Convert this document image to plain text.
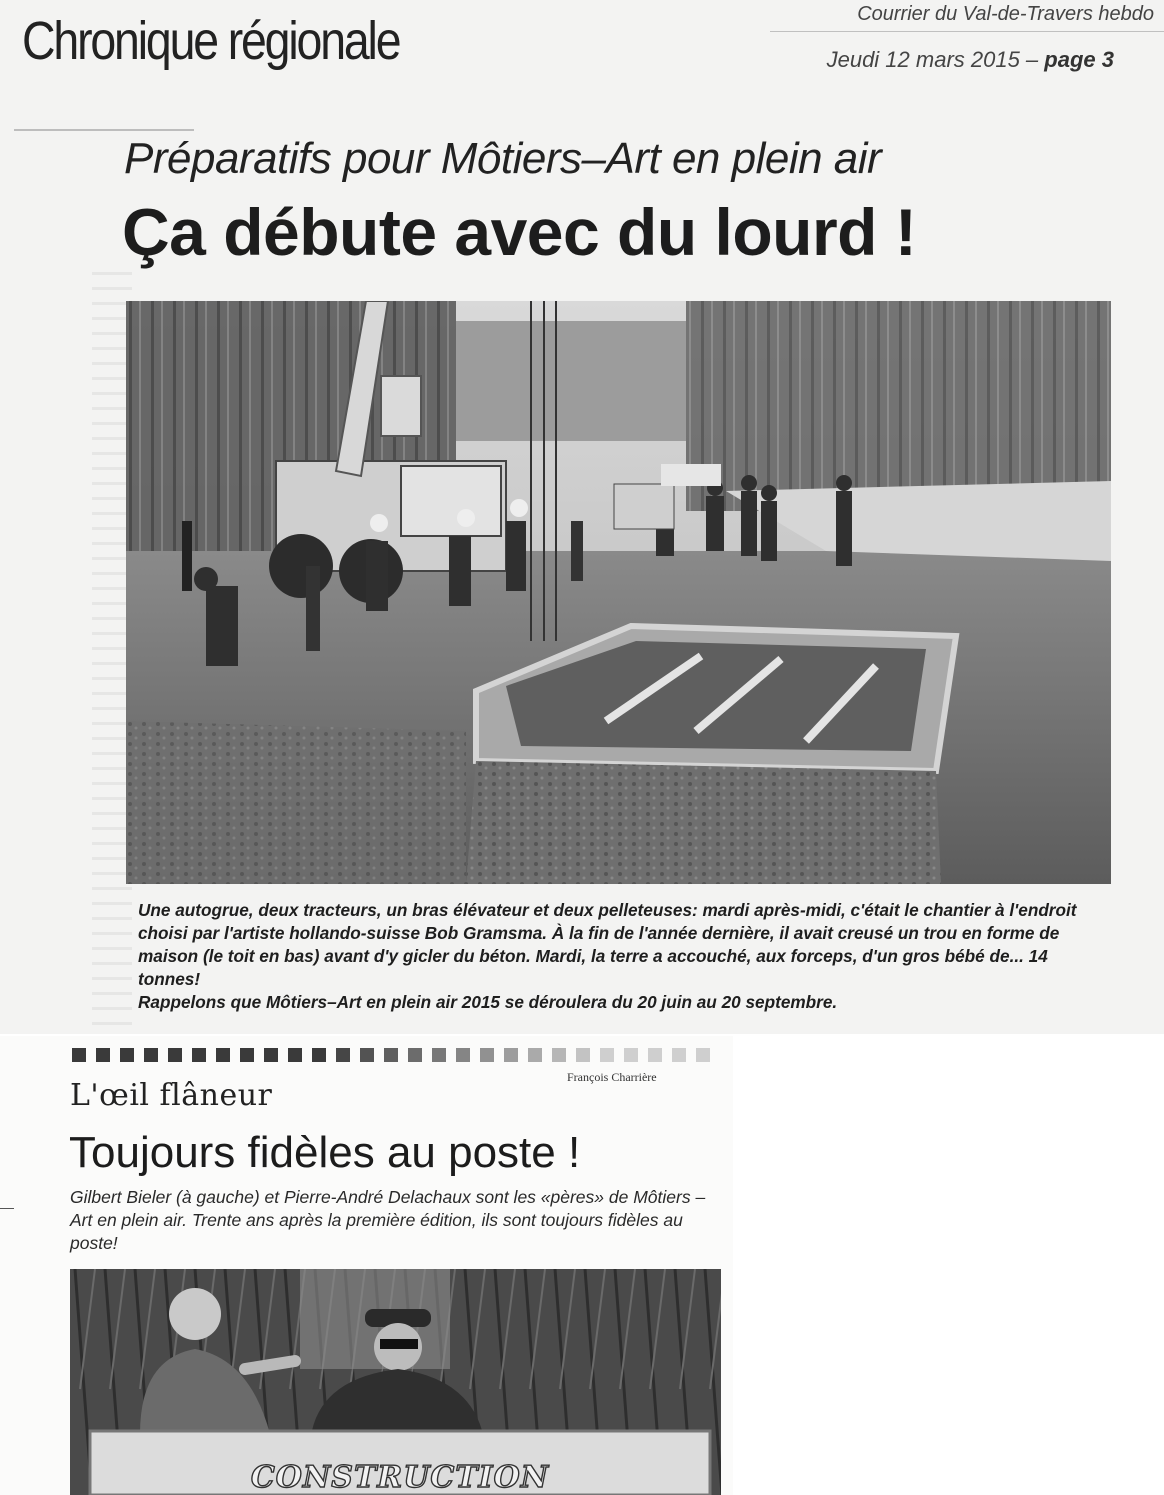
Chronique régionale	Courrier du Val-de-Travers hebdo
Jeudi 12 mars 2015 – page 3
Préparatifs pour Môtiers–Art en plein air
Ça débute avec du lourd !

Une autogrue, deux tracteurs, un bras élévateur et deux pelleteuses: mardi après-midi, c'était le chantier à l'endroit choisi par l'artiste hollando-suisse Bob Gramsma. À la fin de l'année dernière, il avait creusé un trou en forme de maison (le toit en bas) avant d'y gicler du béton. Mardi, la terre a accouché, aux forceps, d'un gros bébé de... 14 tonnes!
Rappelons que Môtiers–Art en plein air 2015 se déroulera du 20 juin au 20 septembre.

François Charrière
L'œil flâneur
Toujours fidèles au poste !

Gilbert Bieler (à gauche) et Pierre-André Delachaux sont les «pères» de Môtiers – Art en plein air. Trente ans après la première édition, ils sont toujours fidèles au poste!

CONSTRUCTION
